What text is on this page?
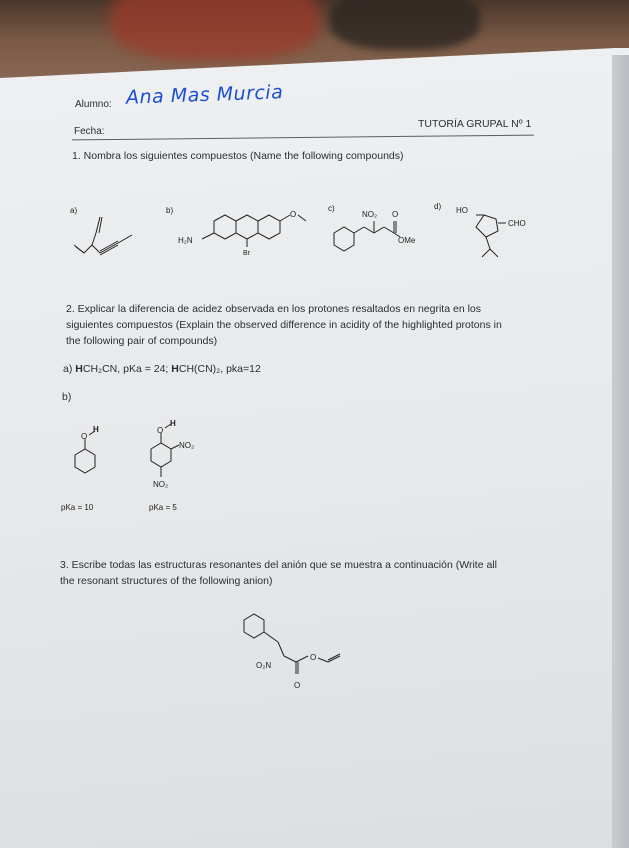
Alumno: Ana Mas Murcia
Fecha:
TUTORÍA GRUPAL Nº 1
1. Nombra los siguientes compuestos (Name the following compounds)
a)	b)	c)	d)
H₂N
Br
O	NO₂ O
OMe
HO
CHO
2. Explicar la diferencia de acidez observada en los protones resaltados en negrita en los
siguientes compuestos (Explain the observed difference in acidity of the highlighted protons in
the following pair of compounds)
a) HCH₂CN, pKa = 24; HCH(CN)₂, pka=12
b)
O
H	O
H
NO₂
NO₂
pKa = 10	pKa = 5
3. Escribe todas las estructuras resonantes del anión que se muestra a continuación (Write all
the resonant structures of the following anion)
O₂N
O
O
